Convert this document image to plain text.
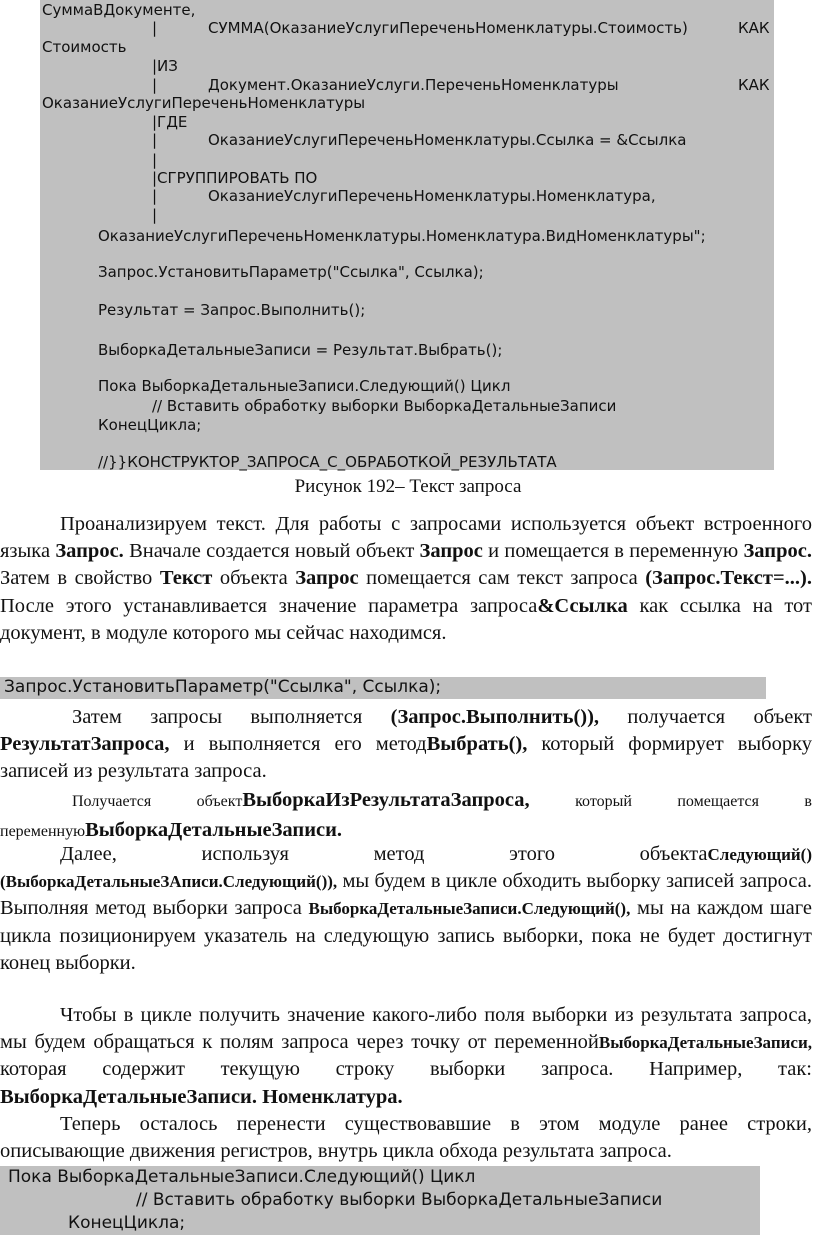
СуммаВДокументе,
|	СУММА(ОказаниеУслугиПереченьНоменклатуры.Стоимость)	КАК
Стоимость
|ИЗ
|	Документ.ОказаниеУслуги.ПереченьНоменклатуры	КАК
ОказаниеУслугиПереченьНоменклатуры
|ГДЕ
|	ОказаниеУслугиПереченьНоменклатуры.Ссылка = &Ссылка
|
|СГРУППИРОВАТЬ ПО
|	ОказаниеУслугиПереченьНоменклатуры.Номенклатура,
|
ОказаниеУслугиПереченьНоменклатуры.Номенклатура.ВидНоменклатуры";
Запрос.УстановитьПараметр("Ссылка", Ссылка);
Результат = Запрос.Выполнить();
ВыборкаДетальныеЗаписи = Результат.Выбрать();
Пока ВыборкаДетальныеЗаписи.Следующий() Цикл
// Вставить обработку выборки ВыборкаДетальныеЗаписи
КонецЦикла;
//}}КОНСТРУКТОР_ЗАПРОСА_С_ОБРАБОТКОЙ_РЕЗУЛЬТАТА
Рисунок 192– Текст запроса

Проанализируем текст. Для работы с запросами используется объект встроенного языка Запрос. Вначале создается новый объект Запрос и помещается в переменную Запрос. Затем в свойство Текст объекта Запрос помещается сам текст запроса (Запрос.Текст=...). После этого устанавливается значение параметра запроса&Ссылка как ссылка на тот документ, в модуле которого мы сейчас находимся.

Запрос.УстановитьПараметр("Ссылка", Ссылка);

Затем запросы выполняется (Запрос.Выполнить()), получается объект РезультатЗапроса, и выполняется его методВыбрать(), который формирует выборку записей из результата запроса.

Получается объектВыборкаИзРезультатаЗапроса, который помещается в переменнуюВыборкаДетальныеЗаписи.

Далее, используя метод этого объектаСледующий() (ВыборкаДетальныеЗАписи.Следующий()), мы будем в цикле обходить выборку записей запроса. Выполняя метод выборки запроса ВыборкаДетальныеЗаписи.Следующий(), мы на каждом шаге цикла позиционируем указатель на следующую запись выборки, пока не будет достигнут конец выборки.

Чтобы в цикле получить значение какого-либо поля выборки из результата запроса, мы будем обращаться к полям запроса через точку от переменнойВыборкаДетальныеЗаписи, которая содержит текущую строку выборки запроса. Например, так: ВыборкаДетальныеЗаписи. Номенклатура.

Теперь осталось перенести существовавшие в этом модуле ранее строки, описывающие движения регистров, внутрь цикла обхода результата запроса.

Пока ВыборкаДетальныеЗаписи.Следующий() Цикл
// Вставить обработку выборки ВыборкаДетальныеЗаписи
КонецЦикла;
